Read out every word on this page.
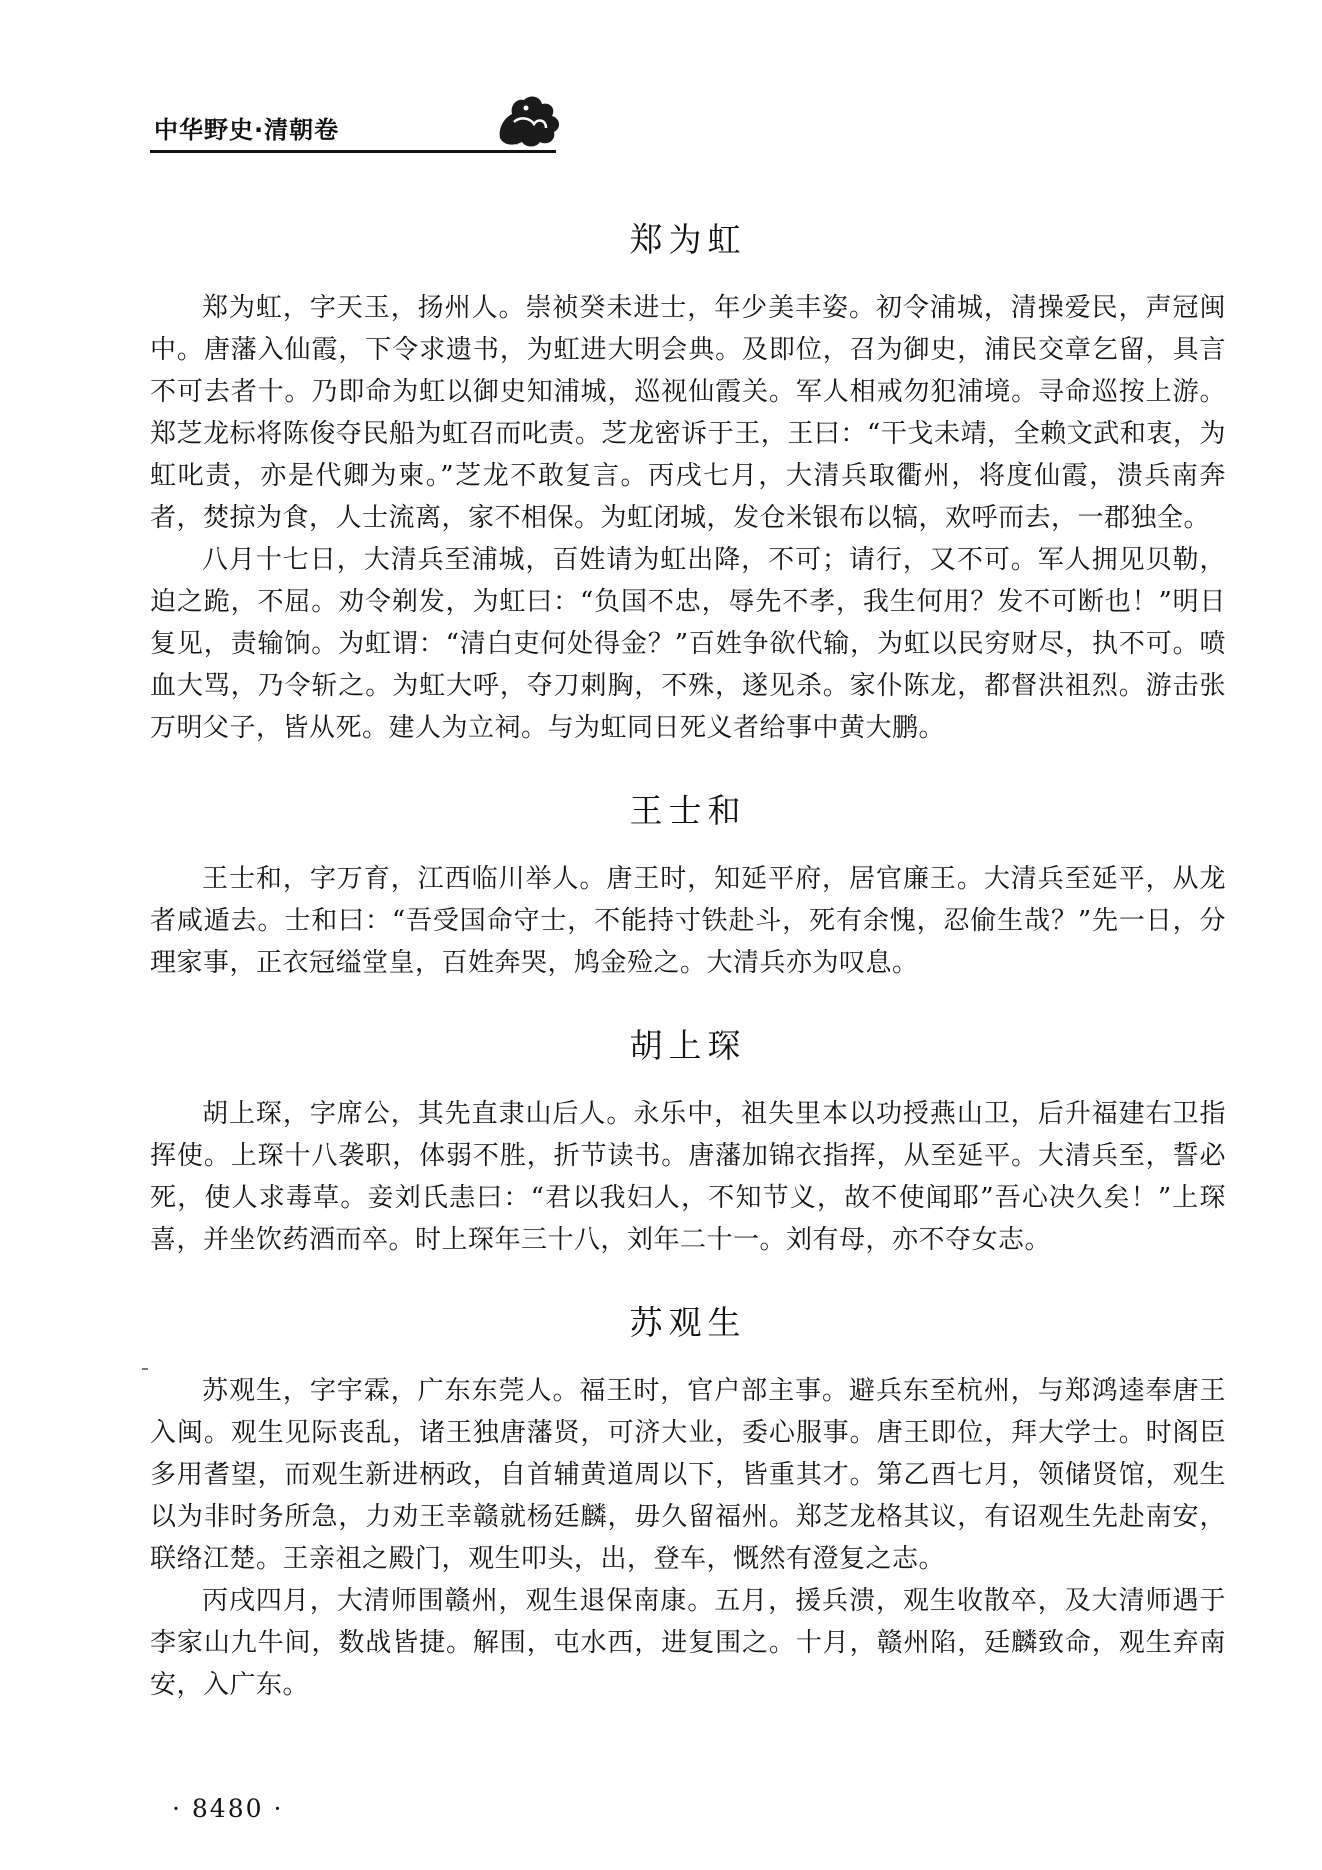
中华野史·清朝卷
郑为虹

郑为虹，字天玉，扬州人。崇祯癸未进士，年少美丰姿。初令浦城，清操爱民，声冠闽中。唐藩入仙霞，下令求遗书，为虹进大明会典。及即位，召为御史，浦民交章乞留，具言不可去者十。乃即命为虹以御史知浦城，巡视仙霞关。军人相戒勿犯浦境。寻命巡按上游。郑芝龙标将陈俊夺民船为虹召而叱责。芝龙密诉于王，王曰：“干戈未靖，全赖文武和衷，为虹叱责，亦是代卿为柬。”芝龙不敢复言。丙戌七月，大清兵取衢州，将度仙霞，溃兵南奔者，焚掠为食，人士流离，家不相保。为虹闭城，发仓米银布以犒，欢呼而去，一郡独全。

八月十七日，大清兵至浦城，百姓请为虹出降，不可；请行，又不可。军人拥见贝勒，迫之跪，不屈。劝令剃发，为虹曰：“负国不忠，辱先不孝，我生何用？发不可断也！”明日复见，责输饷。为虹谓：“清白吏何处得金？”百姓争欲代输，为虹以民穷财尽，执不可。喷血大骂，乃令斩之。为虹大呼，夺刀刺胸，不殊，遂见杀。家仆陈龙，都督洪祖烈。游击张万明父子，皆从死。建人为立祠。与为虹同日死义者给事中黄大鹏。

王士和

王士和，字万育，江西临川举人。唐王时，知延平府，居官廉王。大清兵至延平，从龙者咸遁去。士和曰：“吾受国命守士，不能持寸铁赴斗，死有余愧，忍偷生哉？”先一日，分理家事，正衣冠缢堂皇，百姓奔哭，鸠金殓之。大清兵亦为叹息。

胡上琛

胡上琛，字席公，其先直隶山后人。永乐中，祖失里本以功授燕山卫，后升福建右卫指挥使。上琛十八袭职，体弱不胜，折节读书。唐藩加锦衣指挥，从至延平。大清兵至，誓必死，使人求毒草。妾刘氏恚曰：“君以我妇人，不知节义，故不使闻耶”吾心决久矣！”上琛喜，并坐饮药酒而卒。时上琛年三十八，刘年二十一。刘有母，亦不夺女志。

苏观生

苏观生，字宇霖，广东东莞人。福王时，官户部主事。避兵东至杭州，与郑鸿逵奉唐王入闽。观生见际丧乱，诸王独唐藩贤，可济大业，委心服事。唐王即位，拜大学士。时阁臣多用耆望，而观生新进柄政，自首辅黄道周以下，皆重其才。第乙酉七月，领储贤馆，观生以为非时务所急，力劝王幸赣就杨廷麟，毋久留福州。郑芝龙格其议，有诏观生先赴南安，联络江楚。王亲祖之殿门，观生叩头，出，登车，慨然有澄复之志。

丙戌四月，大清师围赣州，观生退保南康。五月，援兵溃，观生收散卒，及大清师遇于李家山九牛间，数战皆捷。解围，屯水西，进复围之。十月，赣州陷，廷麟致命，观生弃南安，入广东。

· 8480 ·
